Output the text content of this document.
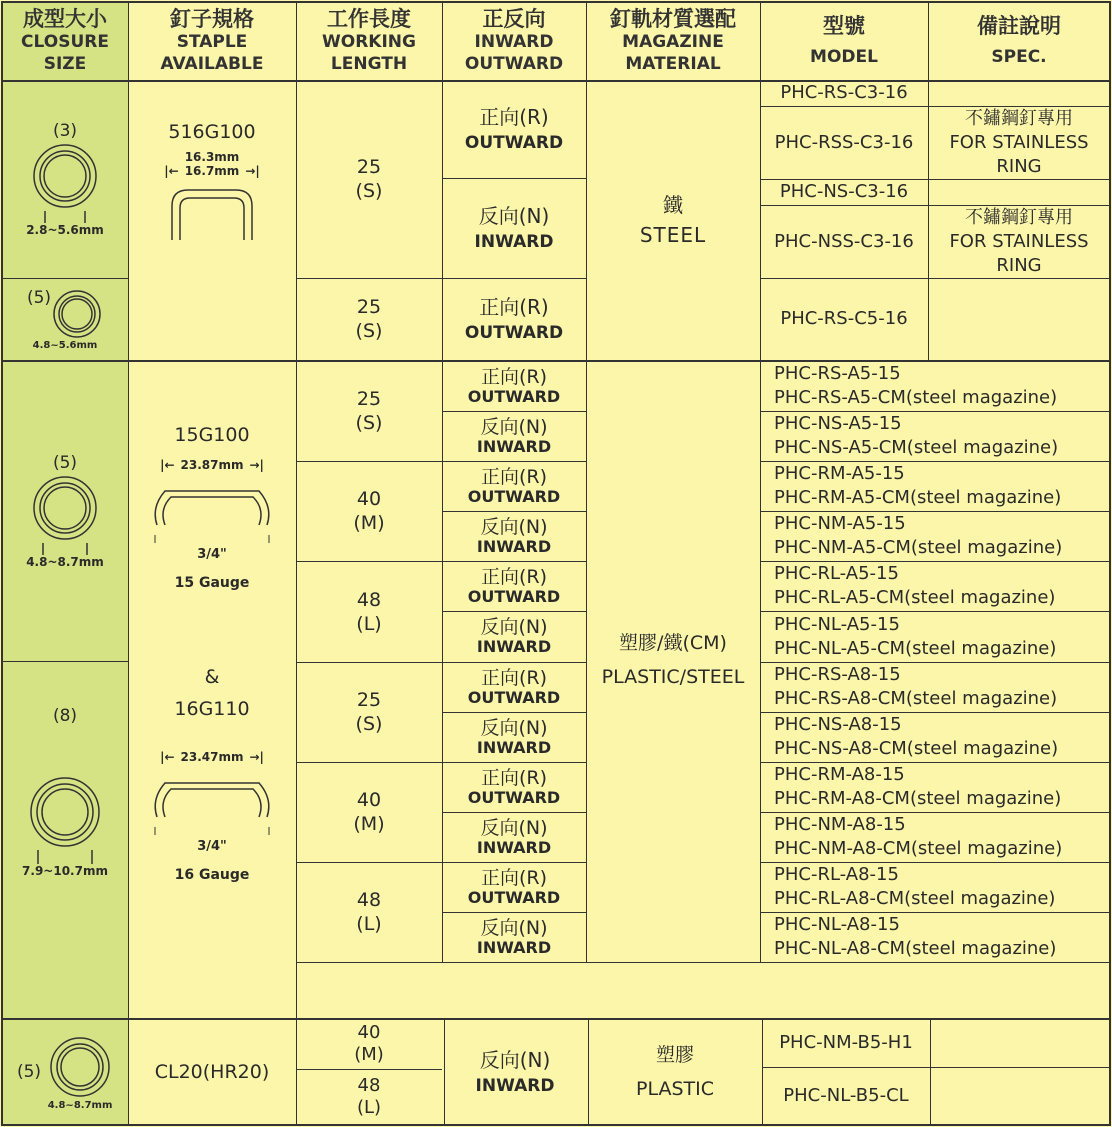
成型大小
CLOSURE
SIZE
(3)
2.8~5.6mm
(5)
4.8~5.6mm
(5)
4.8~8.7mm
(8)
7.9~10.7mm
(5)
4.8~8.7mm
釘子規格
STAPLE
AVAILABLE
工作長度
WORKING
LENGTH
正反向
INWARD
OUTWARD
釘軌材質選配
MAGAZINE
MATERIAL
型號
MODEL
備註說明
SPEC.
516G100
16.3mm
|← 16.7mm →|
15G100
|← 23.87mm →|
3/4"
15 Gauge
&
16G110
|← 23.47mm →|
3/4"
16 Gauge
CL20(HR20)
25
(S)
25
(S)
25
(S)
40
(M)
48
(L)
25
(S)
40
(M)
48
(L)
40
(M)
48
(L)
正向(R)
OUTWARD
反向(N)
INWARD
正向(R)
OUTWARD
正向(R)
OUTWARD
反向(N)
INWARD
正向(R)
OUTWARD
反向(N)
INWARD
正向(R)
OUTWARD
反向(N)
INWARD
正向(R)
OUTWARD
反向(N)
INWARD
正向(R)
OUTWARD
反向(N)
INWARD
正向(R)
OUTWARD
反向(N)
INWARD
反向(N)
INWARD
鐵
STEEL
塑膠/鐵(CM)
PLASTIC/STEEL
塑膠
PLASTIC
PHC-RS-C3-16
PHC-RSS-C3-16
PHC-NS-C3-16
PHC-NSS-C3-16
PHC-RS-C5-16
不鏽鋼釘專用
FOR STAINLESS
RING
不鏽鋼釘專用
FOR STAINLESS
RING
PHC-RS-A5-15
PHC-RS-A5-CM(steel magazine)
PHC-NS-A5-15
PHC-NS-A5-CM(steel magazine)
PHC-RM-A5-15
PHC-RM-A5-CM(steel magazine)
PHC-NM-A5-15
PHC-NM-A5-CM(steel magazine)
PHC-RL-A5-15
PHC-RL-A5-CM(steel magazine)
PHC-NL-A5-15
PHC-NL-A5-CM(steel magazine)
PHC-RS-A8-15
PHC-RS-A8-CM(steel magazine)
PHC-NS-A8-15
PHC-NS-A8-CM(steel magazine)
PHC-RM-A8-15
PHC-RM-A8-CM(steel magazine)
PHC-NM-A8-15
PHC-NM-A8-CM(steel magazine)
PHC-RL-A8-15
PHC-RL-A8-CM(steel magazine)
PHC-NL-A8-15
PHC-NL-A8-CM(steel magazine)
PHC-NM-B5-H1
PHC-NL-B5-CL
